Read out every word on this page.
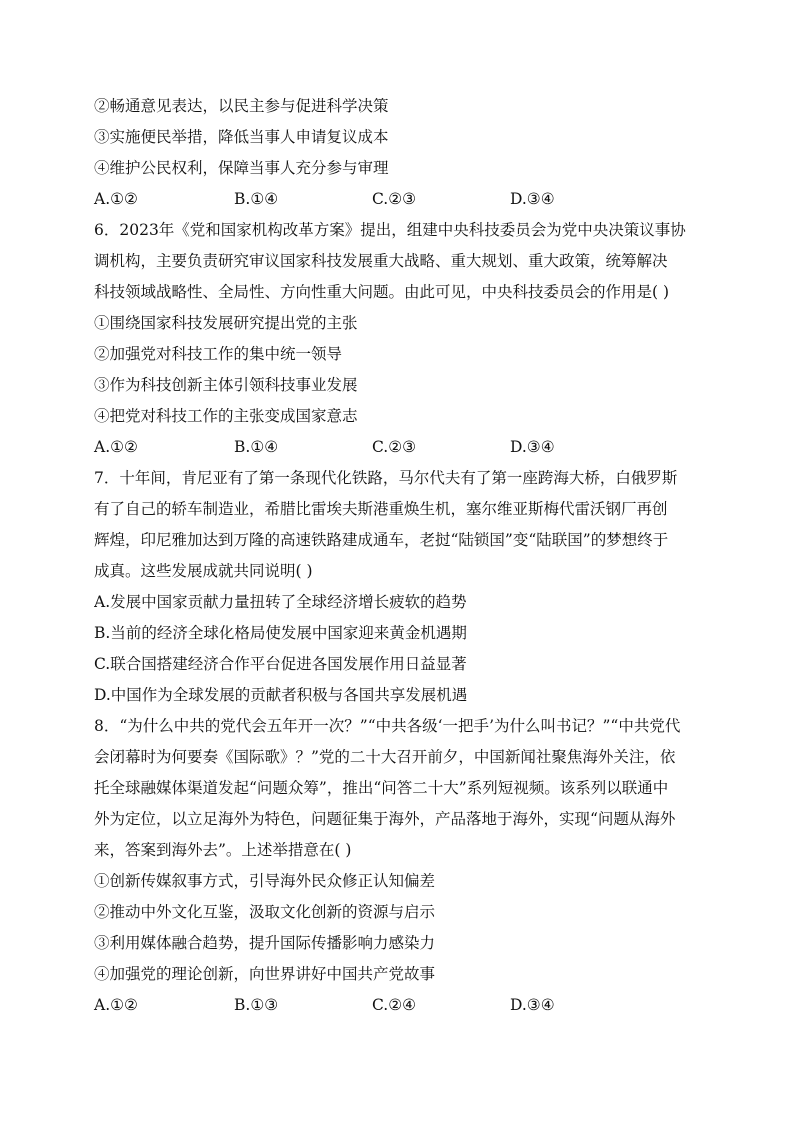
②畅通意见表达，以民主参与促进科学决策
③实施便民举措，降低当事人申请复议成本
④维护公民权利，保障当事人充分参与审理
A.①②	B.①④	C.②③	D.③④
6．2023年《党和国家机构改革方案》提出，组建中央科技委员会为党中央决策议事协
调机构，主要负责研究审议国家科技发展重大战略、重大规划、重大政策，统筹解决
科技领域战略性、全局性、方向性重大问题。由此可见，中央科技委员会的作用是( )
①围绕国家科技发展研究提出党的主张
②加强党对科技工作的集中统一领导
③作为科技创新主体引领科技事业发展
④把党对科技工作的主张变成国家意志
A.①②	B.①④	C.②③	D.③④
7．十年间，肯尼亚有了第一条现代化铁路，马尔代夫有了第一座跨海大桥，白俄罗斯
有了自己的轿车制造业，希腊比雷埃夫斯港重焕生机，塞尔维亚斯梅代雷沃钢厂再创
辉煌，印尼雅加达到万隆的高速铁路建成通车，老挝“陆锁国”变“陆联国”的梦想终于
成真。这些发展成就共同说明( )
A.发展中国家贡献力量扭转了全球经济增长疲软的趋势
B.当前的经济全球化格局使发展中国家迎来黄金机遇期
C.联合国搭建经济合作平台促进各国发展作用日益显著
D.中国作为全球发展的贡献者积极与各国共享发展机遇
8．“为什么中共的党代会五年开一次？”“中共各级‘一把手’为什么叫书记？”“中共党代
会闭幕时为何要奏《国际歌》？”党的二十大召开前夕，中国新闻社聚焦海外关注，依
托全球融媒体渠道发起“问题众筹”，推出“问答二十大”系列短视频。该系列以联通中
外为定位，以立足海外为特色，问题征集于海外，产品落地于海外，实现“问题从海外
来，答案到海外去”。上述举措意在( )
①创新传媒叙事方式，引导海外民众修正认知偏差
②推动中外文化互鉴，汲取文化创新的资源与启示
③利用媒体融合趋势，提升国际传播影响力感染力
④加强党的理论创新，向世界讲好中国共产党故事
A.①②	B.①③	C.②④	D.③④
